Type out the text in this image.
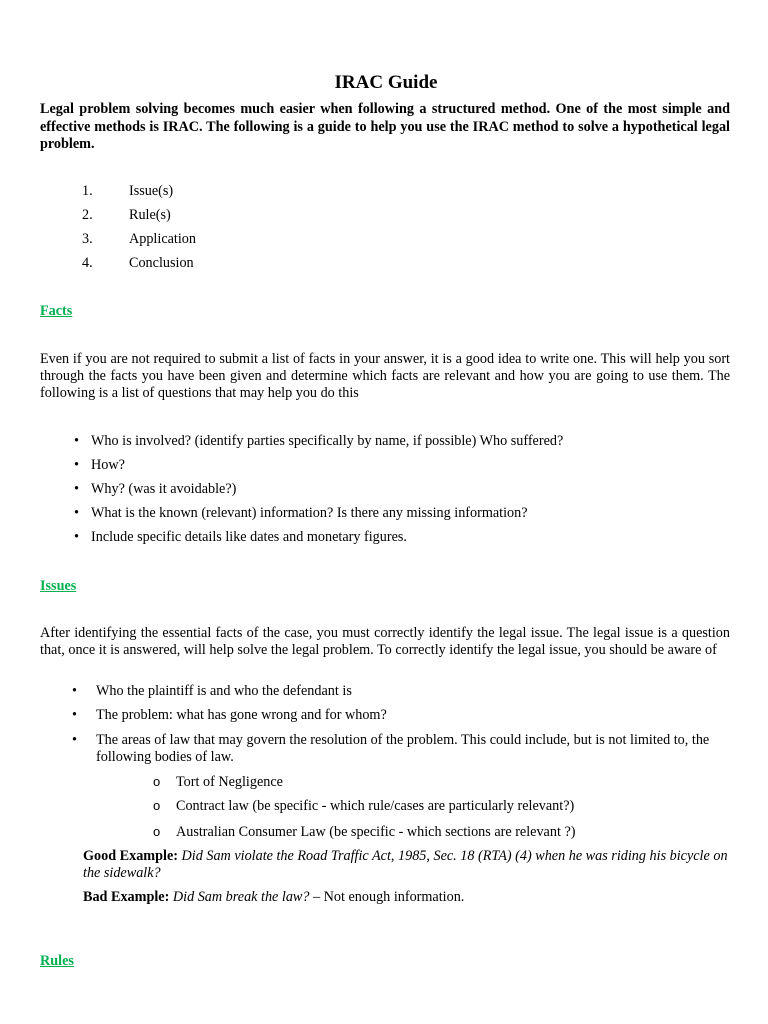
IRAC Guide
Legal problem solving becomes much easier when following a structured method. One of the most simple and effective methods is IRAC. The following is a guide to help you use the IRAC method to solve a hypothetical legal problem.
1.	Issue(s)
2.	Rule(s)
3.	Application
4.	Conclusion
Facts
Even if you are not required to submit a list of facts in your answer, it is a good idea to write one. This will help you sort through the facts you have been given and determine which facts are relevant and how you are going to use them. The following is a list of questions that may help you do this
• Who is involved? (identify parties specifically by name, if possible) Who suffered?
• How?
• Why? (was it avoidable?)
• What is the known (relevant) information? Is there any missing information?
• Include specific details like dates and monetary figures.
Issues
After identifying the essential facts of the case, you must correctly identify the legal issue. The legal issue is a question that, once it is answered, will help solve the legal problem. To correctly identify the legal issue, you should be aware of
• Who the plaintiff is and who the defendant is
• The problem: what has gone wrong and for whom?
• The areas of law that may govern the resolution of the problem. This could include, but is not limited to, the following bodies of law.
o Tort of Negligence
o Contract law (be specific - which rule/cases are particularly relevant?)
o Australian Consumer Law (be specific - which sections are relevant ?)
Good Example: Did Sam violate the Road Traffic Act, 1985, Sec. 18 (RTA) (4) when he was riding his bicycle on the sidewalk?
Bad Example: Did Sam break the law? – Not enough information.
Rules
